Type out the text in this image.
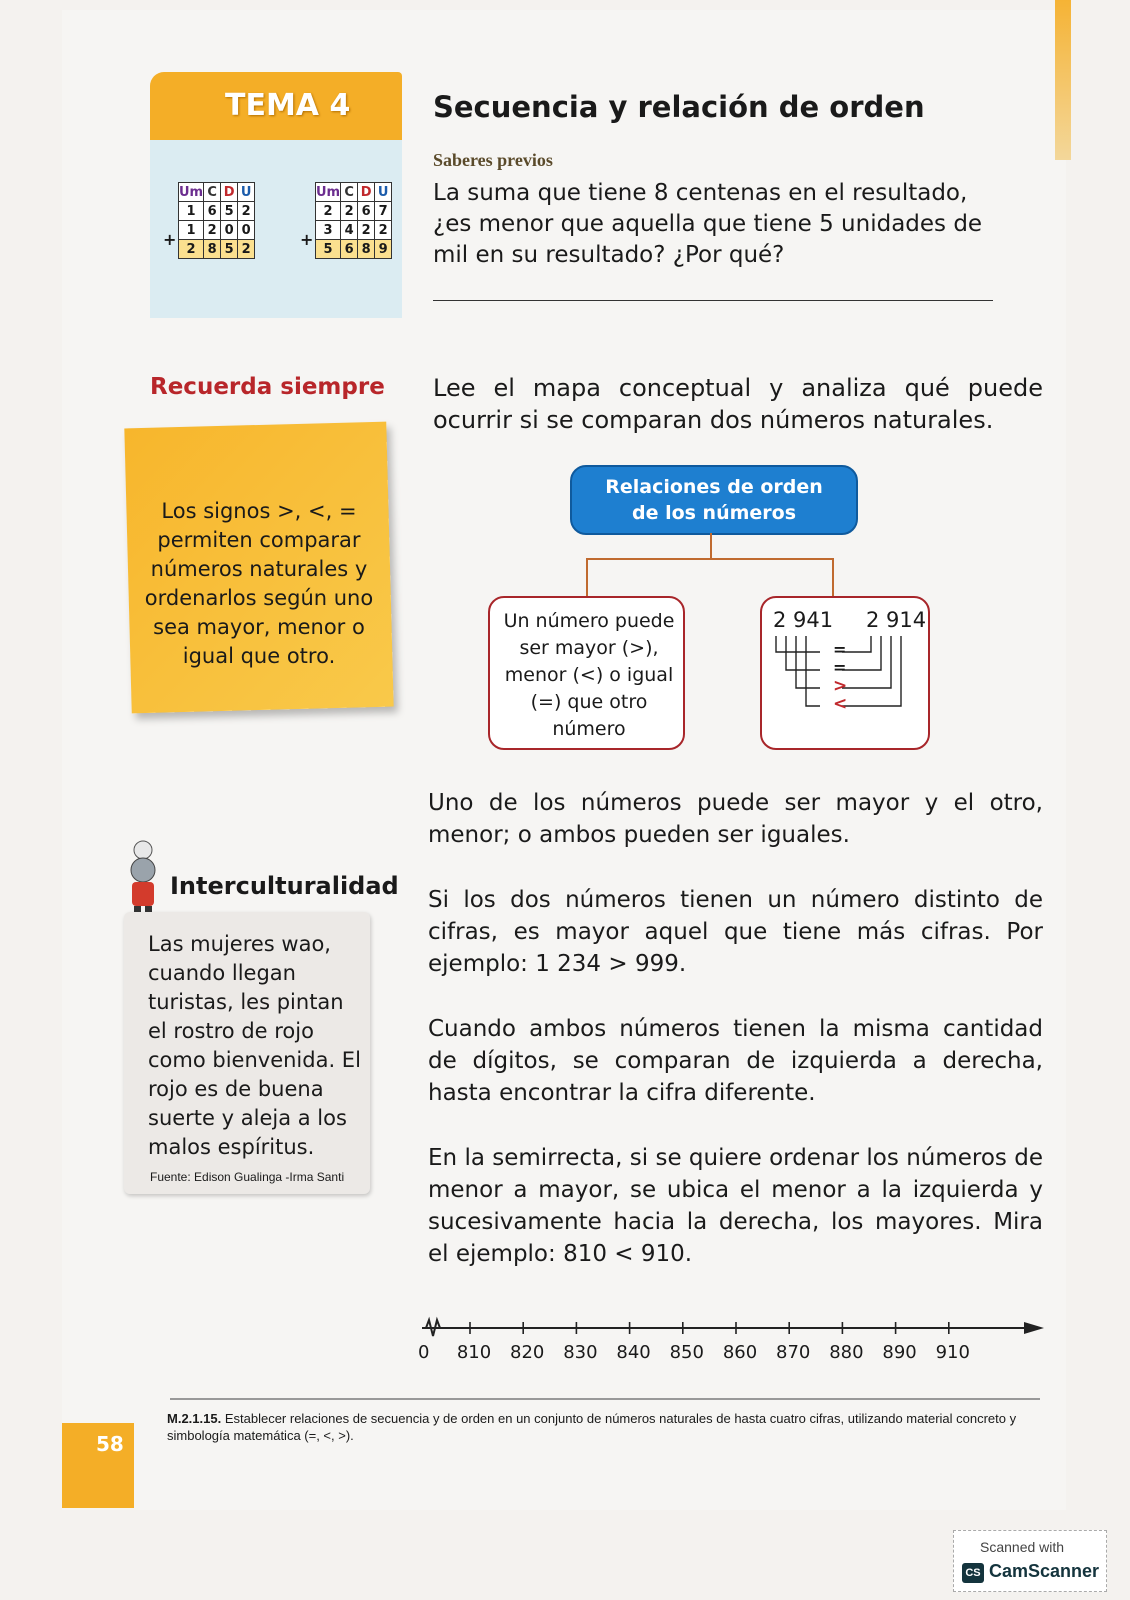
TEMA 4
Um	C	D	U
1	6	5	2
1	2	0	0
2	8	5	2
+
Um	C	D	U
2	2	6	7
3	4	2	2
5	6	8	9
+
Secuencia y relación de orden
Saberes previos
La suma que tiene 8 centenas en el resultado, ¿es menor que aquella que tiene 5 unidades de mil en su resultado? ¿Por qué?
Recuerda siempre
Los signos >, <, = permiten comparar números naturales y ordenarlos según uno sea mayor, menor o igual que otro.
Lee el mapa conceptual y analiza qué puede ocurrir si se comparan dos números naturales.
Relaciones de orden
de los números
Un número puede ser mayor (>), menor (<) o igual (=) que otro número
2 941 2 914
=
=
>
<
Uno de los números puede ser mayor y el otro, menor; o ambos pueden ser iguales.
Si los dos números tienen un número distinto de cifras, es mayor aquel que tiene más cifras. Por ejemplo: 1 234 > 999.
Cuando ambos números tienen la misma cantidad de dígitos, se comparan de izquierda a derecha, hasta encontrar la cifra diferente.
En la semirrecta, si se quiere ordenar los números de menor a mayor, se ubica el menor a la izquierda y sucesivamente hacia la derecha, los mayores. Mira el ejemplo: 810 < 910.
Interculturalidad
Las mujeres wao, cuando llegan turistas, les pintan el rostro de rojo como bienvenida. El rojo es de buena suerte y aleja a los malos espíritus.
Fuente: Edison Gualinga -Irma Santi
0 810 820 830 840 850 860 870 880 890 910
M.2.1.15. Establecer relaciones de secuencia y de orden en un conjunto de números naturales de hasta cuatro cifras, utilizando material concreto y simbología matemática (=, <, >).
58
Scanned with
CS CamScanner
